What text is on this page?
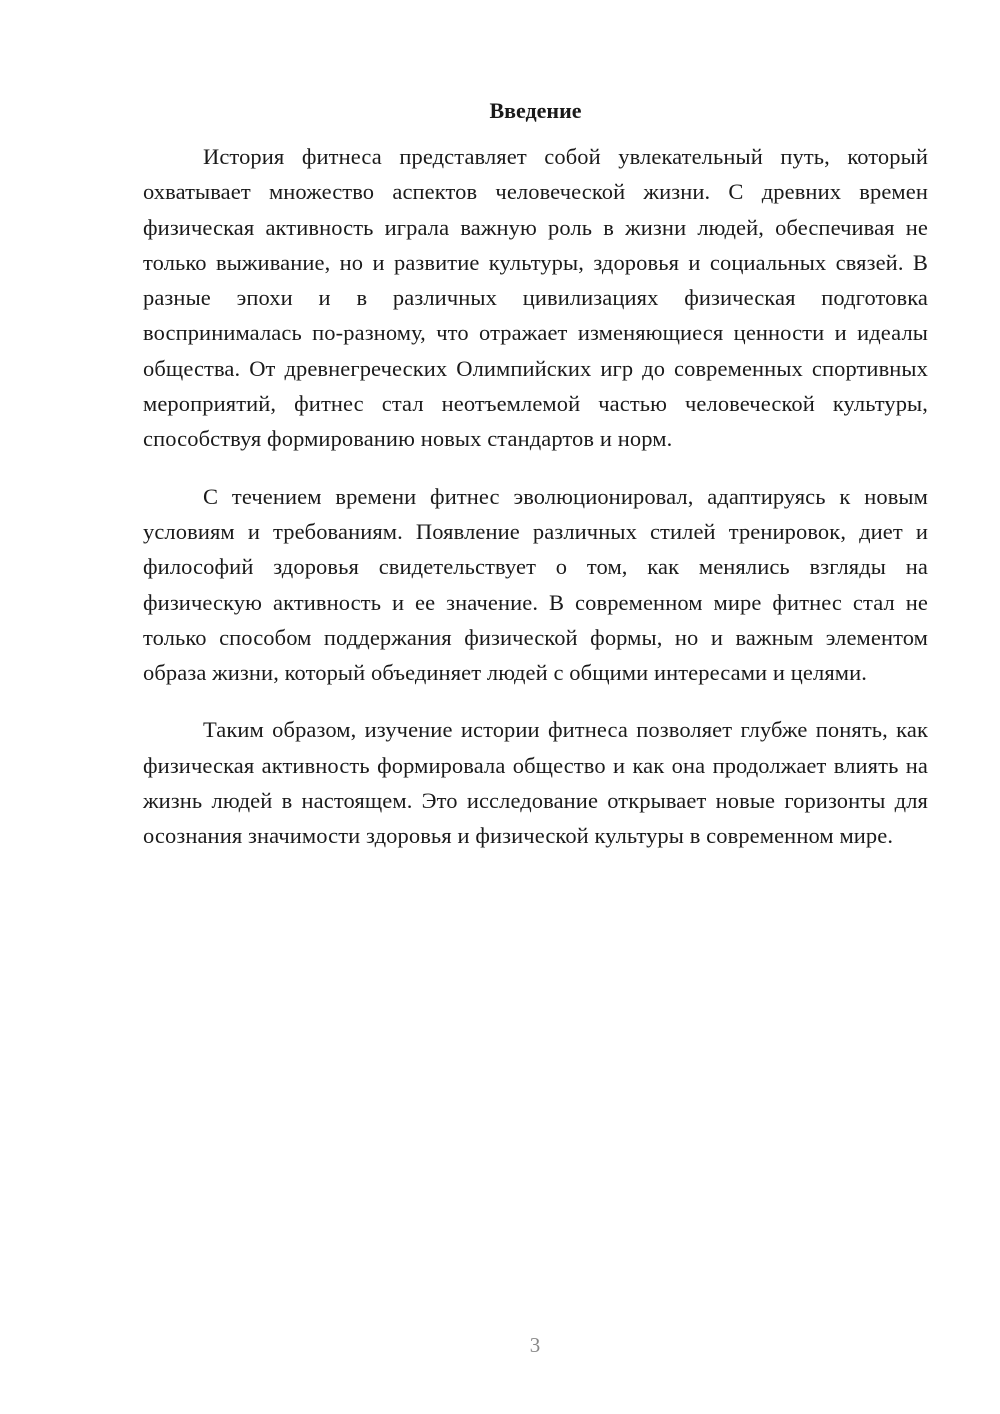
Введение

История фитнеса представляет собой увлекательный путь, который охватывает множество аспектов человеческой жизни. С древних времен физическая активность играла важную роль в жизни людей, обеспечивая не только выживание, но и развитие культуры, здоровья и социальных связей. В разные эпохи и в различных цивилизациях физическая подготовка воспринималась по-разному, что отражает изменяющиеся ценности и идеалы общества. От древнегреческих Олимпийских игр до современных спортивных мероприятий, фитнес стал неотъемлемой частью человеческой культуры, способствуя формированию новых стандартов и норм.

С течением времени фитнес эволюционировал, адаптируясь к новым условиям и требованиям. Появление различных стилей тренировок, диет и философий здоровья свидетельствует о том, как менялись взгляды на физическую активность и ее значение. В современном мире фитнес стал не только способом поддержания физической формы, но и важным элементом образа жизни, который объединяет людей с общими интересами и целями.

Таким образом, изучение истории фитнеса позволяет глубже понять, как физическая активность формировала общество и как она продолжает влиять на жизнь людей в настоящем. Это исследование открывает новые горизонты для осознания значимости здоровья и физической культуры в современном мире.

3
